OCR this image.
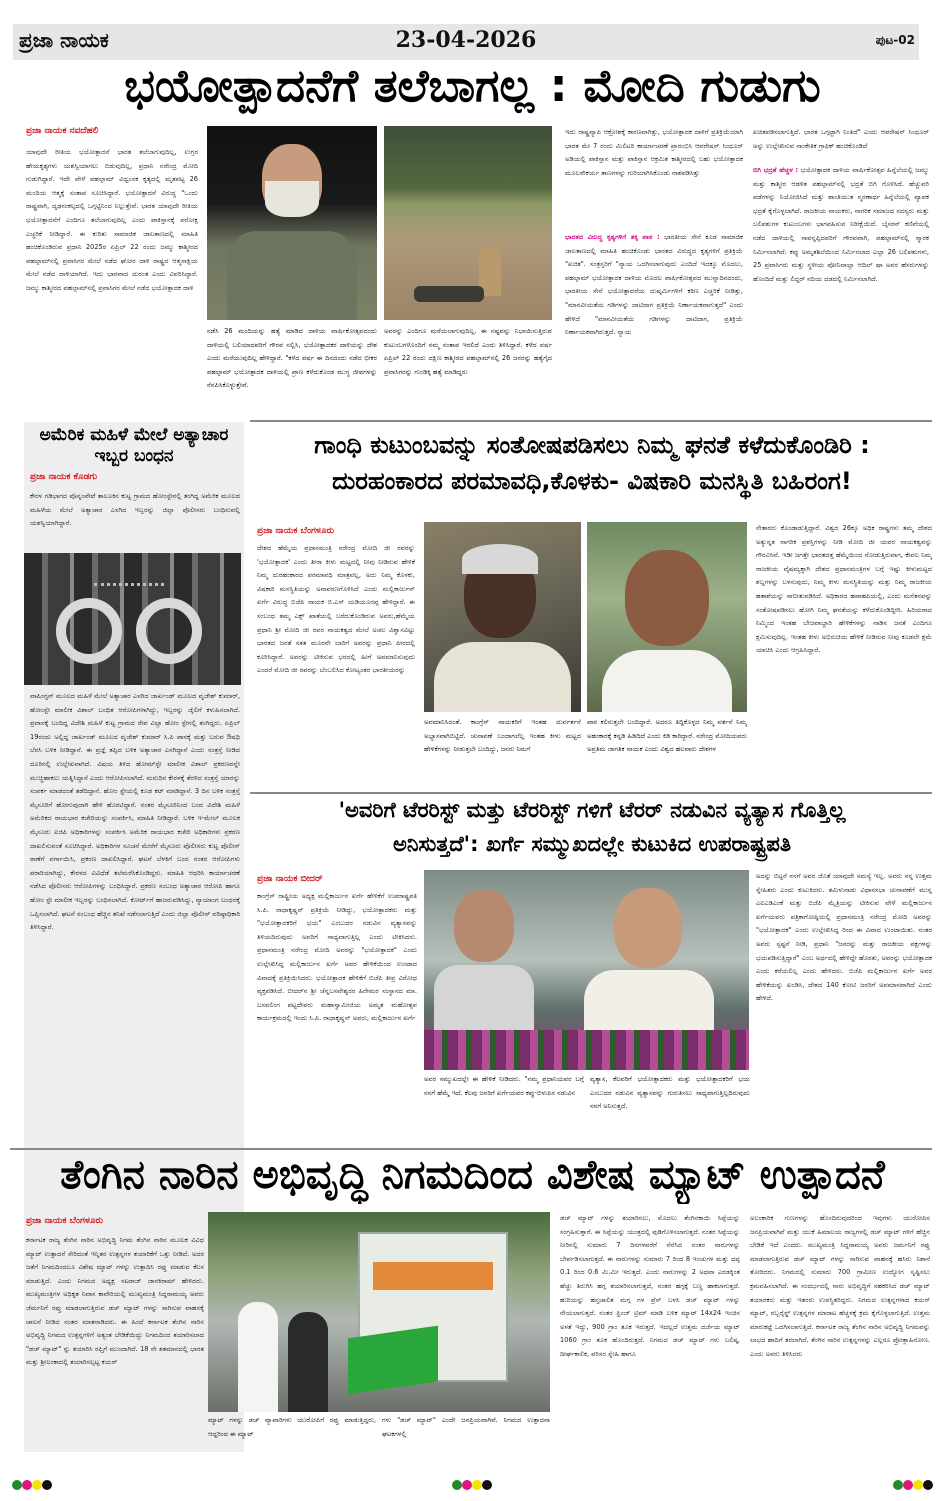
ಪ್ರಜಾ ನಾಯಕ	23-04-2026	ಪುಟ-02
ಭಯೋತ್ಪಾದನೆಗೆ ತಲೆಬಾಗಲ್ಲ : ಮೋದಿ ಗುಡುಗು
ಪ್ರಜಾ ನಾಯಕ ನವದೆಹಲಿ
ಯಾವುದೇ ರೀತಿಯ ಭಯೋತ್ಪಾದನೆ ಭಾರತ ತಲೆಬಾಗುವುದಿಲ್ಲ, ಉಗ್ರರ ಹೇಯಕೃತ್ಯಗಳು ಯಶಸ್ವಿಯಾಗಲು ಬಿಡುವುದಿಲ್ಲ, ಪ್ರಧಾನಿ ನರೇಂದ್ರ ಮೋದಿ ಗುಡುಗಿದ್ದಾರೆ. ಇದೇ ವೇಳೆ ಪಹಲ್ಗಾಮ್ ವಿಧ್ವಂಸಕ ಕೃತ್ಯದಲ್ಲಿ ಮೃತಪಟ್ಟ 26 ಮಂದಿಯ ಆತ್ಮಕ್ಕೆ ಸಂತಾಪ ಸೂಚಿಸಿದ್ದಾರೆ. ಭಯೋತ್ಪಾದನೆ ವಿರುದ್ಧ "ಒಂದು ರಾಷ್ಟ್ರವಾಗಿ, ದೃಢಸಂಕಲ್ಪದಲ್ಲಿ ಒಗ್ಗಟ್ಟಿನಿಂದ ನಿಲ್ಲುತ್ತೇವೆ. ಭಾರತ ಯಾವುದೇ ರೀತಿಯ ಭಯೋತ್ಪಾದನೆಗೆ ಎಂದಿಗೂ ತಲೆಬಾಗುವುದಿಲ್ಲ ಎಂದು ಪಾಕಿಸ್ತಾನಕ್ಕೆ ಪರೋಕ್ಷ ಎಚ್ಚರಿಕೆ ನೀಡಿದ್ದಾರೆ. ಈ ಕುರಿತು ಸಾಮಾಜಿಕ ಜಾಲತಾಣದಲ್ಲಿ ಮಾಹಿತಿ ಹಂಚಿಕೊಂಡಿರುವ ಪ್ರಧಾನಿ 2025ರ ಏಪ್ರಿಲ್ 22 ರಂದು ಜಮ್ಮು ಕಾಶ್ಮೀರದ ಪಹಲ್ಗಾಮ್‌ನಲ್ಲಿ ಪ್ರವಾಸಿಗರ ಮೇಲೆ ನಡೆದ ಘೋರ ದಾಳಿ ರಾಷ್ಟ್ರದ ಆತ್ಮಸಾಕ್ಷಿಯ ಮೇಲೆ ನಡೆದ ದಾಳಿಯಾಗಿದೆ. ಇದು ಭಾರವಾದ ದುರಂತ ಎಂದು ವಿವರಿಸಿದ್ದಾರೆ. ಜಮ್ಮು ಕಾಶ್ಮೀರದ ಪಹಲ್ಗಾಮ್‌ನಲ್ಲಿ ಪ್ರವಾಸಿಗರ ಮೇಲೆ ನಡೆದ ಭಯೋತ್ಪಾದಕ ದಾಳಿ
ನಡೆಸಿ 26 ಮಂದಿಯನ್ನು ಹತ್ಯೆ ಮಾಡಿದ ದಾಳಿಯ ವಾರ್ಷಿಕೋತ್ಸವದಂದು ದಾಳಿಯಲ್ಲಿ ಬಲಿಯಾದವರಿಗೆ ಗೌರವ ಸಲ್ಲಿಸಿ, ಭಯೋತ್ಪಾದಕರ ದಾಳಿಯನ್ನು ದೇಶ ಎಂದು ಮರೆಯುವುದಿಲ್ಲ ಹೇಳಿದ್ದಾರೆ. "ಕಳೆದ ವರ್ಷ ಈ ದಿನದಂದು ನಡೆದ ಭೀಕರ ಪಹಲ್ಗಾಮ್ ಭಯೋತ್ಪಾದಕ ದಾಳಿಯಲ್ಲಿ ಪ್ರಾಣ ಕಳೆದುಕೊಂಡ ಮುಗ್ಧ ಜೀವಗಳನ್ನು ನೆನಪಿಸಿಕೊಳ್ಳುತ್ತೇವೆ.
ಅವರನ್ನು ಎಂದಿಗೂ ಮರೆಯಲಾಗುವುದಿಲ್ಲ. ಈ ನಷ್ಟವನ್ನು ನಿಭಾಯಿಸುತ್ತಿರುವ ಕುಟುಂಬಗಳೊಂದಿಗೆ ನಮ್ಮ ಸಂತಾಪ ಇರಲಿದೆ ಎಂದು ತಿಳಿಸಿದ್ದಾರೆ. ಕಳೆದ ವರ್ಷ ಏಪ್ರಿಲ್ 22 ರಂದು ದಕ್ಷಿಣ ಕಾಶ್ಮೀರದ ಪಹಲ್ಗಾಮ್‌ನಲ್ಲಿ 26 ಜನರನ್ನು ಹತ್ಯೆಗೈದ ಪ್ರವಾಸಿಗರನ್ನು ಗುಂಡಿಕ್ಕಿ ಹತ್ಯೆ ಮಾಡಿದ್ದರು
ಇದು ರಾಷ್ಟ್ರವ್ಯಾಪಿ ಆಕ್ರೋಶಕ್ಕೆ ಕಾರಣವಾಗಿತ್ತು, ಭಯೋತ್ಪಾದಕ ದಾಳಿಗೆ ಪ್ರತಿಕ್ರಿಯೆಯಾಗಿ ಭಾರತ ಮೇ 7 ರಂದು ಮಿಲಿಟರಿ ಕಾರ್ಯಾಚರಣೆ ಪ್ರಾರಂಭಿಸಿ ಆಪರೇಷನ್ ಸಿಂಧೂರ್ ಅಡಿಯಲ್ಲಿ ಪಾಕಿಸ್ತಾನ ಮತ್ತು ಪಾಕಿಸ್ತಾನ ಆಕ್ರಮಿತ ಕಾಶ್ಮೀರದಲ್ಲಿ ಬಹು ಭಯೋತ್ಪಾದಕ ಮೂಲಸೌಕರ್ಯ ತಾಣಗಳನ್ನು ಗುರಿಯಾಗಿಸಿಕೊಂಡು ನಾಶಪಡಿಸಿತ್ತು
ಭಾರತದ ವಿರುದ್ಧ ಕೃತ್ಯಗಳಿಗೆ ತಕ್ಕ ಪಾಠ : ಭಾರತೀಯ ಸೇನೆ ಕೂಡ ಸಾಮಾಜಿಕ ಜಾಲತಾಣದಲ್ಲಿ ಮಾಹಿತಿ ಹಂಚಿಕೊಂಡು ಭಾರತದ ವಿರುದ್ಧದ ಕೃತ್ಯಗಳಿಗೆ ಪ್ರತಿಕ್ರಿಯೆ "ಖಚಿತ". ಸಂತ್ರಸ್ತರಿಗೆ "ನ್ಯಾಯ ಒದಗಿಸಲಾಗುವುದು ಎಂದಿದೆ ಇದಕ್ಕೂ ಮೊದಲು, ಪಹಲ್ಗಾಮ್ ಭಯೋತ್ಪಾದಕ ದಾಳಿಯ ಮೊದಲ ವಾರ್ಷಿಕೋತ್ಸವದ ಮುನ್ನಾದಿನದಂದು, ಭಾರತೀಯ ಸೇನೆ ಭಯೋತ್ಪಾದನೆಯ ದುಷ್ಕರ್ಮಿಗಳಿಗೆ ಕಠಿಣ ಎಚ್ಚರಿಕೆ ನೀಡಿತ್ತು, "ಮಾನವೀಯತೆಯ ಗಡಿಗಳನ್ನು ದಾಟಿದಾಗ ಪ್ರತಿಕ್ರಿಯೆ ನಿರ್ಣಾಯಕವಾಗುತ್ತದೆ" ಎಂದು ಹೇಳಿದೆ "ಮಾನವೀಯತೆಯ ಗಡಿಗಳನ್ನು ದಾಟಿದಾಗ, ಪ್ರತಿಕ್ರಿಯೆ ನಿರ್ಣಾಯಕವಾಗಿರುತ್ತದೆ. ನ್ಯಾಯ
ಖಚಿತಪಡಿಸಲಾಗುತ್ತಿದೆ. ಭಾರತ ಒಗ್ಗಟ್ಟಾಗಿ ನಿಂತಿದೆ" ಎಂದು ಆಪರೇಷನ್ ಸಿಂಧೂರ್ ಅನ್ನು ಉಲ್ಲೇಖಿಸುವ ಸಾಂಕೇತಿಕ ಗ್ರಾಫಿಕ್ ಹಂಚಿಕೊಂಡಿದೆ
ಬಿಗಿ ಭದ್ರತೆ ಹೆಚ್ಚಳ : ಭಯೋತ್ಪಾದಕ ದಾಳಿಯ ವಾರ್ಷಿಕೋತ್ಸವ ಹಿನ್ನೆಲೆಯಲ್ಲಿ ಜಮ್ಮು ಮತ್ತು ಕಾಶ್ಮೀರ ಆಡಳಿತ ಪಹಲ್ಗಾಮ್‌ನಲ್ಲಿ ಭದ್ರತೆ ಬಿಗಿ ಗೊಳಿಸಿದೆ. ಹೆಚ್ಚುವರಿ ಪಡೆಗಳನ್ನು ನಿಯೋಜಿಸಿದೆ ಮತ್ತು ಶಾಂತಿಯುತ ಸ್ಮರಣಾರ್ಥ ಹಿನ್ನೆಲೆಯಲ್ಲಿ ವ್ಯಾಪಕ ಭದ್ರತೆ ಕೈಗೊಳ್ಳಲಾಗಿದೆ. ರಾಜಕೀಯ ನಾಯಕರು, ನಾಗರಿಕ ಸಮಾಜದ ಸದಸ್ಯರು ಮತ್ತು ಬಲಿಪಶುಗಳ ಕುಟುಂಬಗಳು ಭಾಗವಹಿಸುವ ನಿರೀಕ್ಷೆಯಿದೆ. ಬೈಸರನ್ ಕಣಿವೆಯಲ್ಲಿ ನಡೆದ ದಾಳಿಯಲ್ಲಿ ಸಾವನ್ನಪ್ಪಿದವರಿಗೆ ಗೌರವವಾಗಿ, ಪಹಲ್ಗಾಮ್‌ನಲ್ಲಿ ಸ್ಮಾರಕ ನಿರ್ಮಿಸಲಾಗಿದೆ. ಕಪ್ಪು ಅಮೃತಶಿಲೆಯಿಂದ ನಿರ್ಮಿಸಲಾದ ಎಲ್ಲಾ 26 ಬಲಿಪಶುಗಳು, 25 ಪ್ರವಾಸಿಗರು ಮತ್ತು ಸ್ಥಳೀಯ ಪೋನಿವಾಲ್ಲಾ ಆದಿಲ್ ಷಾ ಅವರ ಹೆಸರುಗಳನ್ನು ಹೊಂದಿದೆ ಮತ್ತು ಲಿದ್ದರ್ ನದಿಯ ದಡದಲ್ಲಿ ನಿರ್ಮಿಸಲಾಗಿದೆ.
ಅಮೆರಿಕ ಮಹಿಳೆ ಮೇಲೆ ಅತ್ಯಾಚಾರ
ಇಬ್ಬರ ಬಂಧನ
ಪ್ರಜಾ ನಾಯಕ ಕೊಡಗು
ಕೇರಳ ಗಡಿಭಾಗದ ಪೊನ್ನಂಪೇಟೆ ತಾಲೂಕಿನ ಕುಟ್ಟ ಗ್ರಾಮದ ಹೋಂಸ್ಟೇನಲ್ಲಿ ತಂಗಿದ್ದ ಅಮೆರಿಕ ಮೂಲದ ಮಹಿಳೆಯ ಮೇಲೆ ಅತ್ಯಾಚಾರ ಎಸಗಿದ ಇಬ್ಬರನ್ನು ಜಿಲ್ಲಾ ಪೊಲೀಸರು ಬಂಧಿಸುವಲ್ಲಿ ಯಶಸ್ವಿಯಾಗಿದ್ದಾರೆ.
ವಾಷಿಂಗ್ಟನ್ ಮೂಲದ ಮಹಿಳೆ ಮೇಲೆ ಅತ್ಯಾಚಾರ ಎಸಗಿದ ಜಾರ್ಖಂಡ್ ಮೂಲದ ವೃಜೇಶ್ ಕುಮಾರ್, ಹೋಂಸ್ಟೇ ಮಾಲೀಕ ವಿಶಾಲ್ ಬಂಧಿತ ಆರೋಪಿಗಳಾಗಿದ್ದು, ಇಬ್ಬರನ್ನು ಜೈಲಿಗೆ ಕಳುಹಿಸಲಾಗಿದೆ. ಪ್ರವಾಸಕ್ಕೆ ಬಂದಿದ್ದ ವಿದೇಶಿ ಮಹಿಳೆ ಕುಟ್ಟ ಗ್ರಾಮದ ರೇಪ ವಿಲ್ಲಾ ಹೋಂ ಸ್ಟೇನಲ್ಲಿ ತಂಗಿದ್ದರು. ಏಪ್ರಿಲ್ 19ರಂದು ಅಲ್ಲಿದ್ದ ಜಾರ್ಖಂಡ್ ಮೂಲದ ವೃಜೇಶ್ ಕುಮಾರ್ ಸಿ.ಪಿ ಪಾನಕ್ಕೆ ಮತ್ತು ಬರುವ ಔಷಧಿ ಬೆರಸಿ ಬಳಿಕ ನೀಡಿದ್ದಾನೆ. ಈ ಪ್ರಜ್ಞೆ ತಪ್ಪಿದ ಬಳಿಕ ಅತ್ಯಾಚಾರ ಎಸಗಿದ್ದಾನೆ ಎಂದು ಸಂತ್ರಸ್ತೆ ನೀಡಿದ ದೂರಿನಲ್ಲಿ ಉಲ್ಲೇಖವಾಗಿದೆ. ವಿಷಯ ತಿಳಿದ ಹೋಮ್‌ಸ್ಟೇ ಮಾಲೀಕ ವಿಶಾಲ್ ಪ್ರಕರಣವನ್ನೇ ಮುಚ್ಚಿಹಾಕಲು ಯತ್ನಿಸಿದ್ದಾನೆ ಎಂದು ಆರೋಪಿಸಲಾಗಿದೆ. ಮರುದಿನ ಕೇರಳಕ್ಕೆ ತೆರಳಿದ ಸಂತ್ರಸ್ತೆ ಯಾರನ್ನು ಸಂಪರ್ಕ ಮಾಡದಂತೆ ತಡೆದಿದ್ದಾನೆ. ಹೋಂ ಸ್ಟೇಯಲ್ಲಿ ಕೂಡ ಕಟ್ ಮಾಡಿದ್ದಾನೆ. 3 ದಿನ ಬಳಿಕ ಸಂತ್ರಸ್ತೆ ಮೈಸೂರಿಗೆ ಹೋಗುವುದಾಗಿ ಹೇಳಿ ಹೊರಟಿದ್ದಾರೆ. ನಂತರ ಮೈಸೂರಿನಿಂದ ಬಂದ ವಿದೇಶಿ ಮಹಿಳೆ ಅಮೆರಿಕದ ರಾಯಭಾರ ಕಚೇರಿಯನ್ನು ಸಂಪರ್ಕಿಸಿ, ಮಾಹಿತಿ ನೀಡಿದ್ದಾರೆ. ಬಳಿಕ ಇ-ಮೇಲ್ ಮೂಲಕ ಮೈಸೂರು ಐಜಿಪಿ ಅಧಿಕಾರಿಗಳನ್ನು ಸಂಪರ್ಕಿಸಿ ಅಮೆರಿಕ ರಾಯಭಾರ ಕಚೇರಿ ಅಧಿಕಾರಿಗಳು ಪ್ರಕರಣ ದಾಖಲಿಸುವಂತೆ ಸೂಚಿಸಿದ್ದಾರೆ. ಅಧಿಕಾರಿಗಳ ಸೂಚನೆ ಮೇರೆಗೆ ಮೈಸೂರು ಪೊಲೀಸರು ಕುಟ್ಟ ಪೊಲೀಸ್ ಠಾಣೆಗೆ ವರ್ಗಾಯಿಸಿ, ಪ್ರಕರಣ ದಾಖಲಿಸಿದ್ದಾರೆ. ಘಟನೆ ಬೆಳಕಿಗೆ ಬಂದ ನಂತರ ಆರೋಪಿಗಳು ಪರಾರಿಯಾಗಿದ್ದು, ಕೇರಳದ ವಿವಿಧೆಡೆ ತಲೆಮರೆಸಿಕೊಂಡಿದ್ದರು. ಮಾಹಿತಿ ಆಧರಿಸಿ ಕಾರ್ಯಾಚರಣೆ ನಡೆಸಿದ ಪೊಲೀಸರು ಆರೋಪಿಗಳನ್ನು ಬಂಧಿಸಿದ್ದಾರೆ. ಪ್ರಕರಣ ಸಂಬಂಧ ಅತ್ಯಾಚಾರ ಆರೋಪಿ ಹಾಗೂ ಹೋಂ ಸ್ಟೇ ಮಾಲೀಕ ಇಬ್ಬರನ್ನು ಬಂಧಿಸಲಾಗಿದೆ. ಕೋರ್ಟ್‌ಗೆ ಹಾಜರುಪಡಿಸಿದ್ದು, ನ್ಯಾಯಾಂಗ ಬಂಧನಕ್ಕೆ ಒಪ್ಪಿಸಲಾಗಿದೆ. ಘಟನೆ ಸಂಬಂಧ ಹೆಚ್ಚಿನ ತನಿಖೆ ನಡೆಸಲಾಗುತ್ತಿದೆ ಎಂದು ಜಿಲ್ಲಾ ಪೊಲೀಸ್ ವರಿಷ್ಠಾಧಿಕಾರಿ ತಿಳಿಸಿದ್ದಾರೆ.
ಗಾಂಧಿ ಕುಟುಂಬವನ್ನು ಸಂತೋಷಪಡಿಸಲು ನಿಮ್ಮ ಘನತೆ ಕಳೆದುಕೊಂಡಿರಿ :
ದುರಹಂಕಾರದ ಪರಮಾವಧಿ,ಕೊಳಕು- ವಿಷಕಾರಿ ಮನಸ್ಥಿತಿ ಬಹಿರಂಗ!
ಪ್ರಜಾ ನಾಯಕ ಬೆಂಗಳೂರು
ದೇಶದ ಹೆಮ್ಮೆಯ ಪ್ರಧಾನಮಂತ್ರಿ ನರೇಂದ್ರ ಮೋದಿ ಜೀ ರವರನ್ನು 'ಭಯೋತ್ಪಾದಕ' ಎಂದು ತೀರಾ ಕೀಳು ಮಟ್ಟದಲ್ಲಿ ನೀವು ನೀಡಿರುವ ಹೇಳಿಕೆ ನಿಮ್ಮ ದುರಹಂಕಾರದ ಪರಮಾವಧಿ ಮಾತ್ರವಲ್ಲ, ಅದು ನಿಮ್ಮ ಕೊಳಕು, ವಿಷಕಾರಿ ಮನಸ್ಥಿತಿಯನ್ನು ಅನಾವರಣಗೊಳಿಸಿದೆ ಎಂದು ಮಲ್ಲಿಕಾರ್ಜುನ್ ಖರ್ಗೆ ವಿರುದ್ಧ ಬಿಜೆಪಿ ನಾಯಕ ಬಿ.ಎಸ್ ಯಡಿಯೂರಪ್ಪ ಹೇಳಿದ್ದಾರೆ. ಈ ಸಂಬಂಧ ತಮ್ಮ ಎಕ್ಸ್ ಖಾತೆಯಲ್ಲಿ ಬರೆದುಕೊಂಡಿರುವ ಅವರು,ಹೆಮ್ಮೆಯ ಪ್ರಧಾನಿ ಶ್ರೀ ಮೋದಿ ಜೀ ರವರ ನಾಯಕತ್ವದ ಮೇಲೆ ಅಚಲ ವಿಶ್ವಾಸವಿಟ್ಟು ಭಾರತದ ಜನತೆ ಸತತ ಮೂರನೇ ಬಾರಿಗೆ ಅವರನ್ನು ಪ್ರಧಾನಿ ಪೀಠದಲ್ಲಿ ಕೂರಿಸಿದ್ದಾರೆ. ಅವರನ್ನು ಟೀಕಿಸುವ ಭರದಲ್ಲಿ ಹೀಗೆ ಅವಮಾನಿಸುವುದು ಎಂದರೆ ಮೋದಿ ಜೀ ರವರನ್ನು ಬೆಂಬಲಿಸಿದ ಕೋಟ್ಯಂತರ ಭಾರತೀಯರನ್ನು
ಅವಮಾನಿಸಿದಂತೆ. ಕಾಂಗ್ರೆಸ್ ನಾಯಕರಿಗೆ ಇಂತಹ ದುರ್ವರ್ತನೆ ಅಭ್ಯಾಸವಾಗಿಬಿಟ್ಟಿದೆ. ಚುನಾವಣೆ ಬಂದಾಗಲೆಲ್ಲ ಇಂತಹ ಕೀಳು ಮಟ್ಟದ ಹೇಳಿಕೆಗಳನ್ನು ನೀಡುತ್ತಲೇ ಬಂದಿದ್ದು, ಜನರು ನಿಮಗೆ
ಪಾಠ ಕಲಿಸುತ್ತಲೇ ಬಂದಿದ್ದಾರೆ. ಅದರೂ ತಿದ್ದಿಕೊಳ್ಳದ ನಿಮ್ಮ ವರ್ತನೆ ನಿಮ್ಮ ಅಹಂಕಾರಕ್ಕೆ ಕನ್ನಡಿ ಹಿಡಿದಿದೆ ಎಂದು ಕಿಡಿ ಕಾರಿದ್ದಾರೆ. ನರೇಂದ್ರ ಮೋದಿಯವರು ಅಪ್ರತಿಮ ಜಾಗತಿಕ ನಾಯಕ ಎಂದು ವಿಶ್ವದ ಹಲವಾರು ದೇಶಗಳ
ನೇತಾರರು ಕೊಂಡಾಡುತ್ತಿದ್ದಾರೆ. ವಿಶ್ವದ 26ಕ್ಕೂ ಅಧಿಕ ರಾಷ್ಟ್ರಗಳು ತಮ್ಮ ದೇಶದ ಅತ್ಯುನ್ನತ ನಾಗರಿಕ ಪ್ರಶಸ್ತಿಗಳನ್ನು ನೀಡಿ ಮೋದಿ ಜೀ ಯವರ ನಾಯಕತ್ವವನ್ನು ಗೌರವಿಸಿವೆ. ಇಡೀ ಜಗತ್ತೇ ಭಾರತದತ್ತ ಹೆಮ್ಮೆಯಿಂದ ನೋಡುತ್ತಿರುವಾಗ, ಕೇವಲ ನಿಮ್ಮ ರಾಜಕೀಯ ವೈಷಮ್ಯಕ್ಕಾಗಿ ದೇಶದ ಪ್ರಧಾನಮಂತ್ರಿಗಳ ಬಗ್ಗೆ ಇಷ್ಟು ಕೀಳುಮಟ್ಟದ ಶಬ್ದಗಳನ್ನು ಬಳಸುವುದು, ನಿಮ್ಮ ಕೀಳು ಮನಸ್ಥಿತಿಯನ್ನು ಮತ್ತು ನಿಮ್ಮ ರಾಜಕೀಯ ಹತಾಶೆಯನ್ನು ಸಾಬೀತುಪಡಿಸಿದೆ. ಅಧಿಕಾರದ ಹಪಾಹಪಿಯಲ್ಲಿ, ಎಂದು ಮನೆತನವನ್ನು ಸಂತೋಷಪಡಿಸಲು ಹೋಗಿ ನಿಮ್ಮ ಘನತೆಯನ್ನು ಕಳೆದುಕೊಂಡಿದ್ದೀರಿ. ಹಿರಿಯರಾದ ನಿಮ್ಮಿಂದ ಇಂತಹ ಬೇಜವಾಬ್ದಾರಿ ಹೇಳಿಕೆಗಳನ್ನು ನಾಡಿನ ಜನತೆ ಎಂದಿಗೂ ಕ್ಷಮಿಸುವುದಿಲ್ಲ. ಇಂತಹ ಕೀಳು ಅಭಿರುಚಿಯ ಹೇಳಿಕೆ ನೀಡಿರುವ ನೀವು ಕೂಡಲೇ ಕ್ಷಮೆ ಯಾಚಿಸಿ ಎಂದು ಆಗ್ರಹಿಸಿದ್ದಾರೆ.
'ಅವರಿಗೆ ಟೆರರಿಸ್ಟ್ ಮತ್ತು ಟೆರರಿಸ್ಟ್ ಗಳಿಗೆ ಟೆರರ್ ನಡುವಿನ ವ್ಯತ್ಯಾಸ ಗೊತ್ತಿಲ್ಲ
ಅನಿಸುತ್ತದೆ': ಖರ್ಗೆ ಸಮ್ಮುಖದಲ್ಲೇ ಕುಟುಕಿದ ಉಪರಾಷ್ಟ್ರಪತಿ
ಪ್ರಜಾ ನಾಯಕ ಬೀದರ್
ಕಾಂಗ್ರೆಸ್ ರಾಷ್ಟ್ರೀಯ ಅಧ್ಯಕ್ಷ ಮಲ್ಲಿಕಾರ್ಜುನ ಖರ್ಗೆ ಹೇಳಿಕೆಗೆ ಉಪರಾಷ್ಟ್ರಪತಿ ಸಿ.ಪಿ. ರಾಧಾಕೃಷ್ಣನ್ ಪ್ರತಿಕ್ರಿಯೆ ನೀಡಿದ್ದು, ಭಯೋತ್ಪಾದಕರು ಮತ್ತು "ಭಯೋತ್ಪಾದಕರಿಗೆ ಭಯ" ಎಂಬುದರ ನಡುವಿನ ವ್ಯತ್ಯಾಸವನ್ನು ತಿಳಿಯದಿರುವುದು ಅವರಿಗೆ ಸಾಧ್ಯವಾಗುತ್ತಿಲ್ಲ ಎಂದು ಟೀಕಿಸಿದರು. ಪ್ರಧಾನಮಂತ್ರಿ ನರೇಂದ್ರ ಮೋದಿ ಅವರನ್ನು "ಭಯೋತ್ಪಾದಕ" ಎಂದು ಉಲ್ಲೇಖಿಸಿದ್ದ ಮಲ್ಲಿಕಾರ್ಜುನ ಖರ್ಗೆ ಅವರ ಹೇಳಿಕೆಯಿಂದ ಉಂಟಾದ ವಿವಾದಕ್ಕೆ ಪ್ರತಿಕ್ರಿಯಿಸಿದರು. ಭಯೋತ್ಪಾದಕ ಹೇಳಿಕೆಗೆ ಬಿಜೆಪಿ ತೀವ್ರ ವಿರೋಧ ವ್ಯಕ್ತಪಡಿಸಿದೆ. ಬೀದರ್‌ನ ಶ್ರೀ ಚೆನ್ನಬಸವೇಶ್ವರರ ಹಿರೇಮಠ ಸಂಸ್ಥಾನದ ಮಾ. ಬಸವಲಿಂಗ ಪಟ್ಟದೇವರು ಮಹಾಸ್ವಾಮೀಜಿಯ ಅಮೃತ ಮಹೋತ್ಸವ ಕಾರ್ಯಕ್ರಮದಲ್ಲಿ ಇಂದು ಸಿ.ಪಿ. ರಾಧಾಕೃಷ್ಣನ್ ಅವರು, ಮಲ್ಲಿಕಾರ್ಜುನ ಖರ್ಗೆ
ಅವರ ಸಮ್ಮುಖದಲ್ಲೇ ಈ ಹೇಳಿಕೆ ನೀಡಿದರು. "ನಮ್ಮ ಪ್ರಧಾನಿಯವರ ಬಗ್ಗೆ ನನಗೆ ಹೆಮ್ಮೆ ಇದೆ. ಕೆಲವು ಜನರಿಗೆ ಖರ್ಗೆಯವರ ಕಪ್ಪು-ಬಿಳುಪಿನ ನಡುವಿನ
ವ್ಯತ್ಯಾಸ, ಕೆಲವರಿಗೆ ಭಯೋತ್ಪಾದಕರು ಮತ್ತು ಭಯೋತ್ಪಾದಕರಿಗೆ ಭಯ ಎಂಬುದರ ನಡುವಿನ ವ್ಯತ್ಯಾಸವನ್ನು ಗುರುತಿಸಲು ಸಾಧ್ಯವಾಗುತ್ತಿಲ್ಲದಿರುವುದು ನನಗೆ ಅನಿಸುತ್ತದೆ.
ಅದನ್ನು ಬಿಟ್ಟರೆ ನನಗೆ ಅವರ ಜೊತೆ ಯಾವುದೇ ಸಮಸ್ಯೆ ಇಲ್ಲ. ಅವರು ನನ್ನ ಉತ್ತಮ ಸ್ನೇಹಿತರು ಎಂದು ಕುಟುಕಿದರು. ತಮಿಳುನಾಡು ವಿಧಾನಸಭಾ ಚುನಾವಣೆಗೆ ಮುನ್ನ ಎಐಎಡಿಎಂಕೆ ಮತ್ತು ಬಿಜೆಪಿ ಮೈತ್ರಿಯನ್ನು ಟೀಕಿಸುವ ವೇಳೆ ಮಲ್ಲಿಕಾರ್ಜುನ ಖರ್ಗೆಯವರು ಪತ್ರಿಕಾಗೋಷ್ಠಿಯಲ್ಲಿ ಪ್ರಧಾನಮಂತ್ರಿ ನರೇಂದ್ರ ಮೋದಿ ಅವರನ್ನು "ಭಯೋತ್ಪಾದಕ" ಎಂದು ಉಲ್ಲೇಖಿಸಿದ್ದ ರಿಂದ ಈ ವಿವಾದ ಉಂಟಾಯಿತು. ನಂತರ ಅವರು ಸ್ಪಷ್ಟನೆ ನೀಡಿ, ಪ್ರಧಾನಿ "ಜನರನ್ನು ಮತ್ತು ರಾಜಕೀಯ ಪಕ್ಷಗಳನ್ನು ಭಯಪಡಿಸುತ್ತಿದ್ದಾರೆ" ಎಂಬ ಅರ್ಥದಲ್ಲಿ ಹೇಳಿದ್ದೇ ಹೊರತು, ಅವರನ್ನು ಭಯೋತ್ಪಾದಕ ಎಂದು ಕರೆಯಲಿಲ್ಲ ಎಂದು ಹೇಳಿದರು. ಬಿಜೆಪಿ ಮಲ್ಲಿಕಾರ್ಜುನ ಖರ್ಗೆ ಅವರ ಹೇಳಿಕೆಯನ್ನು ಖಂಡಿಸಿ, ದೇಶದ 140 ಕೋಟಿ ಜನರಿಗೆ ಅವಮಾನವಾಗಿದೆ ಎಂದು ಹೇಳಿದೆ.
ತೆಂಗಿನ ನಾರಿನ ಅಭಿವೃದ್ಧಿ ನಿಗಮದಿಂದ ವಿಶೇಷ ಮ್ಯಾಟ್ ಉತ್ಪಾದನೆ
ಪ್ರಜಾ ನಾಯಕ ಬೆಂಗಳೂರು
ಕರ್ನಾಟಕ ರಾಜ್ಯ ತೆಂಗಿನ ನಾರಿನ ಅಭಿವೃದ್ಧಿ ನಿಗಮ ತೆಂಗಿನ ನಾರಿನ ಮೂಲಕ ವಿವಿಧ ಮ್ಯಾಟ್ ಉತ್ಪಾದನೆ ಸೇರಿದಂತೆ ಇನ್ನಿತರ ಉತ್ಪನ್ನಗಳ ತಯಾರಿಕೆಗೆ ಒತ್ತು ನೀಡಿದೆ. ಅದರ ಜತೆಗೆ ನಿಗಮದಿಂದಲೂ ವಿಶೇಷ ಮ್ಯಾಟ್ ಗಳನ್ನು ಉತ್ಪಾದಿಸಿ ರಫ್ತು ಮಾಡುವ ಕೆಲಸ ಮಾಡುತ್ತಿದೆ. ಎಂದು ನಿಗಮದ ಅಧ್ಯಕ್ಷ ನಟರಾಜ್ ಜಾನಕಿರಾಮ್ ಹೇಳಿದರು. ಮುಖ್ಯಮಂತ್ರಿಗಳ ಅಧಿಕೃತ ನಿವಾಸ ಕಾವೇರಿಯಲ್ಲಿ ಮುಖ್ಯಮಂತ್ರಿ ಸಿದ್ದರಾಮಯ್ಯ ಅವರು ಜೆರ್ಮನಿಗೆ ರಫ್ತು ಮಾಡಲಾಗುತ್ತಿರುವ ಡಚ್ ಮ್ಯಾಟ್ ಗಳನ್ನು ಸಾಗಿಸುವ ವಾಹನಕ್ಕೆ ಚಾಲನೆ ನೀಡಿದ ನಂತರ ಮಾತನಾಡಿದರು. ಈ ಹಿಂದೆ ಕರ್ನಾಟಕ ತೆಂಗಿನ ನಾರಿನ ಅಭಿವೃದ್ಧಿ ನಿಗಮದ ಉತ್ಪನ್ನಗಳಿಗೆ ಅತ್ಯಂತ ಬೇಡಿಕೆಯಿದ್ದು ನಿಗಮದಿಂದ ತಯಾರಿಸಲಾದ "ಡಚ್ ಮ್ಯಾಟ್" ನ್ನು ತಯಾರಿಸಿ ರಫ್ತಿಗೆ ಮುಂದಾಗಿದೆ. 18 ನೇ ಶತಮಾನದಲ್ಲಿ ಭಾರತ ಮತ್ತು ಶ್ರೀಲಂಕಾದಲ್ಲಿ ತಯಾರಿಸಲ್ಪಟ್ಟ ಕಯರ್
ಮ್ಯಾಟ್ ಗಳನ್ನು ಡಚ್ ವ್ಯಾಪಾರಿಗಳು ಯುರೋಪಿಗೆ ರಫ್ತು ಮಾಡುತ್ತಿದ್ದರು, ಆದ್ದರಿಂದ ಈ ಮ್ಯಾಟ್
ಗಳು "ಡಚ್ ಮ್ಯಾಟ್" ಎಂದೇ ಜನಪ್ರಿಯವಾಗಿವೆ. ನಿಗಮದ ಉತ್ಪಾದನಾ ಘಟಕಗಳಲ್ಲಿ
ಡಚ್ ಮ್ಯಾಟ್ ಗಳನ್ನು ತಯಾರಿಸಲು, ಮೊದಲು ತೆಂಗಿನಕಾಯಿ ಸಿಪ್ಪೆಯನ್ನು ಸಂಗ್ರಹಿಸುತ್ತಾರೆ. ಈ ಸಿಪ್ಪೆಯನ್ನು ಯಂತ್ರದಲ್ಲಿ ಪುಡಿಗೊಳಿಸಲಾಗುತ್ತದೆ. ನಂತರ ಸಿಪ್ಪೆಯನ್ನು ನೀರಿನಲ್ಲಿ ಸುಮಾರು 7 ದಿನಗಳವರೆಗೆ ನೆನೆಸಿದ ನಂತರ ನಾರುಗಳನ್ನು ಬೇರ್ಪಡಿಸಲಾಗುತ್ತದೆ. ಈ ನಾರುಗಳನ್ನು ಸುಮಾರು 7 ರಿಂದ 8 ಇಂಚುಗಳ ಮತ್ತು ದಪ್ಪ 0.1 ರಿಂದ 0.6 ಮಿ.ಮೀ ಇರುತ್ತದೆ. ಎಂದು ನಾರುಗಳನ್ನು 2 ಅಥವಾ ಎರಡಕ್ಕಿಂತ ಹೆಚ್ಚು ತಿರುಗಿಸಿ ಹಗ್ಗ ತಯಾರಿಸಲಾಗುತ್ತದೆ, ನಂತರ ಹಗ್ಗಕ್ಕೆ ಬಣ್ಣ ಹಾಕಲಾಗುತ್ತದೆ. ಹುರಿಯನ್ನು ಹಸ್ತಚಾಲಿತ ಮಗ್ಗ ಗಳ ಪ್ರೆಸ್ ಬಳಸಿ ಡಚ್ ಮ್ಯಾಟ್ ಗಳನ್ನು ನೇಯಲಾಗುತ್ತದೆ. ನಂತರ ಫ್ರಿಂಜ್ ಟ್ರಿಮ್ ಮಾಡಿ ಬಳಿಕ ಮ್ಯಾಟ್ 14x24 ಇಂಚಿನ ಅಳತೆ ಇದ್ದು, 900 ಗ್ರಾಂ ತೂಕ ಇರುತ್ತದೆ. ಇದಲ್ಲದೆ ಉತ್ತಮ ದರ್ಜೆಯ ಮ್ಯಾಟ್ 1060 ಗ್ರಾಂ ತೂಕ ಹೊಂದಿರುತ್ತದೆ. ನಿಗಮದ ಡಚ್ ಮ್ಯಾಟ್ ಗಳು ಬಲಿಷ್ಠ, ದೀರ್ಘಕಾಲಿಕ, ಪರಿಸರ ಸ್ನೇಹಿ ಹಾಗೂ
ಅಲಂಕಾರಿಕ ಗುಣಗಳನ್ನು ಹೊಂದಿರುವುದರಿಂದ ಇವುಗಳು ಯುರೋಪಿನ ಜನಪ್ರಿಯವಾಗಿವೆ ಮತ್ತು ಯುಕೆ ಹಿಮಾಲಯ ರಾಜ್ಯಗಳಲ್ಲಿ ಡಚ್ ಮ್ಯಾಟ್ ಗಳಿಗೆ ಹೆಚ್ಚಿನ ಬೇಡಿಕೆ ಇದೆ ಎಂದರು. ಮುಖ್ಯಮಂತ್ರಿ ಸಿದ್ದರಾಮಯ್ಯ ಅವರು ಜರ್ಮನಿಗೆ ರಫ್ತು ಮಾಡಲಾಗುತ್ತಿರುವ ಡಚ್ ಮ್ಯಾಟ್ ಗಳನ್ನು ಸಾಗಿಸುವ ವಾಹನಕ್ಕೆ ಹಸಿರು ನಿಶಾನೆ ತೋರಿದರು. ನಿಗಮದಲ್ಲಿ ಸುಮಾರು 700 ಗ್ರಾಮೀಣ ಉದ್ಯೋಗ ಸೃಷ್ಟಿಸಲು ಕ್ರಮವಹಿಸಲಾಗಿದೆ. ಈ ಸಂದರ್ಭದಲ್ಲಿ ನಾರು ಅಭಿವೃದ್ಧಿಗೆ ಸಹಕರಿಸಿದ ಡಚ್ ಮ್ಯಾಟ್ ತಯಾರಕರು ಮತ್ತು ಇತರರು ಉಪಸ್ಥಿತರಿದ್ದರು. ನಿಗಮದ ಉತ್ಪನ್ನಗಳಾದ ಕಯರ್ ಮ್ಯಾಟ್, ರಬ್ಬರೈಸ್ಡ್ ಉತ್ಪನ್ನಗಳ ಮಾರಾಟ ಹೆಚ್ಚಳಕ್ಕೆ ಕ್ರಮ ಕೈಗೊಳ್ಳಲಾಗುತ್ತಿದೆ. ಉತ್ತಮ ಮಾರುಕಟ್ಟೆ ಒದಗಿಸಲಾಗುತ್ತಿದೆ. ಕರ್ನಾಟಕ ರಾಜ್ಯ ತೆಂಗಿನ ನಾರಿನ ಅಭಿವೃದ್ಧಿ ನಿಗಮವನ್ನು ಲಾಭದ ಹಾದಿಗೆ ತರಲಾಗಿದೆ. ತೆಂಗಿನ ನಾರಿನ ಉತ್ಪನ್ನಗಳನ್ನು ಎಲ್ಲರೂ ಪ್ರೋತ್ಸಾಹಿಸೋಣ. ಎಂದು ಅವರು ತಿಳಿಸಿದರು
